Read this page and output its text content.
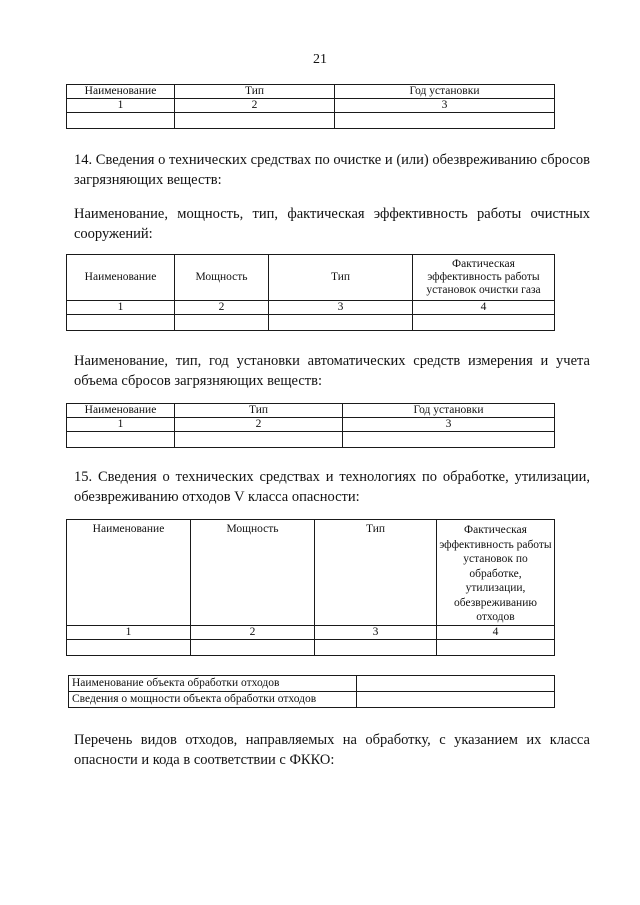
21
Наименование	Тип	Год установки
1	2	3

14. Сведения о технических средствах по очистке и (или) обезвреживанию сбросов загрязняющих веществ:

Наименование, мощность, тип, фактическая эффективность работы очистных сооружений:

Наименование	Мощность	Тип	Фактическая эффективность работы установок очистки газа
1	2	3	4

Наименование, тип, год установки автоматических средств измерения и учета объема сбросов загрязняющих веществ:

Наименование	Тип	Год установки
1	2	3

15. Сведения о технических средствах и технологиях по обработке, утилизации, обезвреживанию отходов V класса опасности:

Наименование	Мощность	Тип	Фактическая эффективность работы установок по обработке, утилизации, обезвреживанию отходов
1	2	3	4

Наименование объекта обработки отходов	
Сведения о мощности объекта обработки отходов	

Перечень видов отходов, направляемых на обработку, с указанием их класса опасности и кода в соответствии с ФККО:
